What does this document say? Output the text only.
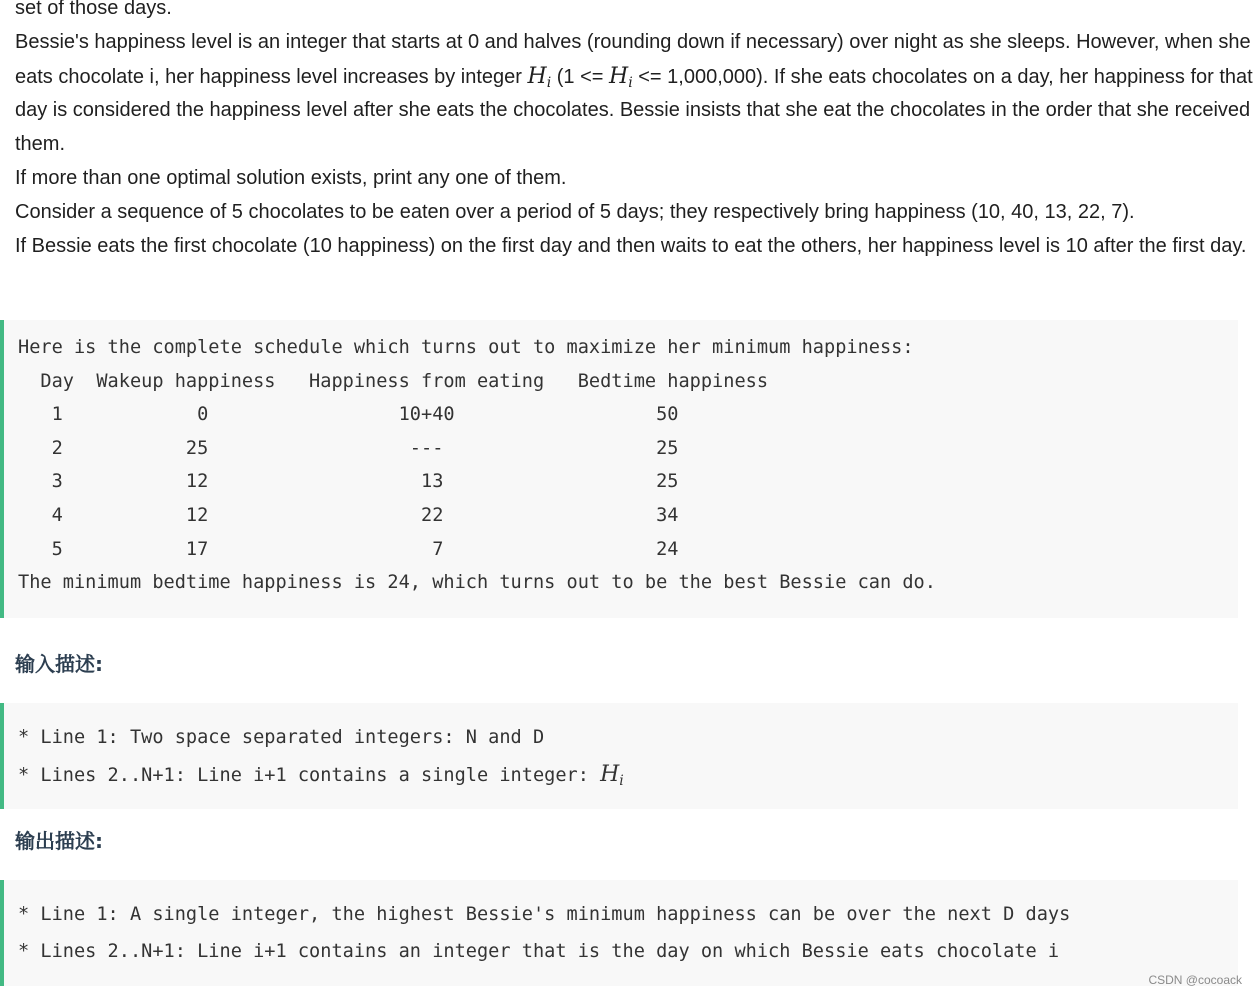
set of those days.

Bessie's happiness level is an integer that starts at 0 and halves (rounding down if necessary) over night as she sleeps. However, when she eats chocolate i, her happiness level increases by integer $H_i$ $(1 <= H_i <= 1,000,000)$. If she eats chocolates on a day, her happiness for that day is considered the happiness level after she eats the chocolates. Bessie insists that she eat the chocolates in the order that she received them.

If more than one optimal solution exists, print any one of them.

Consider a sequence of 5 chocolates to be eaten over a period of 5 days; they respectively bring happiness (10, 40, 13, 22, 7).

If Bessie eats the first chocolate (10 happiness) on the first day and then waits to eat the others, her happiness level is 10 after the first day.

Here is the complete schedule which turns out to maximize her minimum happiness:
Day  Wakeup happiness   Happiness from eating   Bedtime happiness
1            0                 10+40                  50
2           25                  ---                   25
3           12                   13                   25
4           12                   22                   34
5           17                    7                   24
The minimum bedtime happiness is 24, which turns out to be the best Bessie can do.
输入描述:
* Line 1: Two space separated integers: N and D
* Lines 2..N+1: Line i+1 contains a single integer: $H_i$
输出描述:
* Line 1: A single integer, the highest Bessie's minimum happiness can be over the next D days
* Lines 2..N+1: Line i+1 contains an integer that is the day on which Bessie eats chocolate i
CSDN @cocoack
